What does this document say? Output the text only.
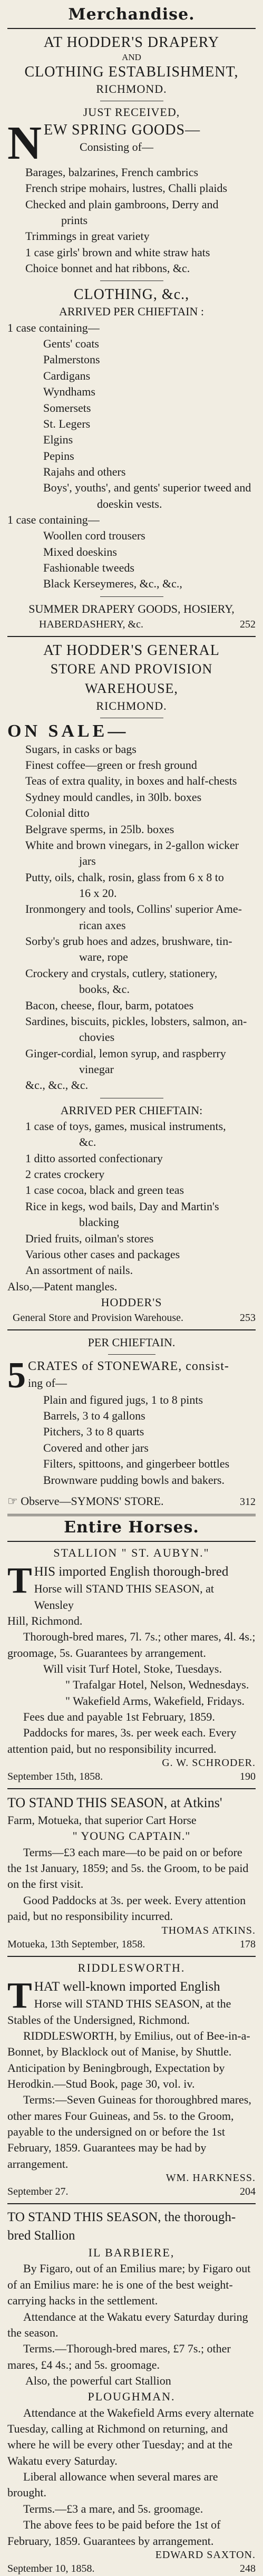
Merchandise.
AT HODDER'S DRAPERY
AND
CLOTHING ESTABLISHMENT,
RICHMOND.
JUST RECEIVED,
N EW SPRING GOODS—
Consisting of—
Barages, balzarines, French cambrics
French stripe mohairs, lustres, Challi plaids
Checked and plain gambroons, Derry and
prints
Trimmings in great variety
1 case girls' brown and white straw hats
Choice bonnet and hat ribbons, &c.
CLOTHING, &c.,
ARRIVED PER CHIEFTAIN :
1 case containing—
Gents' coats
Palmerstons
Cardigans
Wyndhams
Somersets
St. Legers
Elgins
Pepins
Rajahs and others
Boys', youths', and gents' superior tweed and
doeskin vests.
1 case containing—
Woollen cord trousers
Mixed doeskins
Fashionable tweeds
Black Kerseymeres, &c., &c.,
SUMMER DRAPERY GOODS, HOSIERY,
HABERDASHERY, &c.	252
AT HODDER'S GENERAL
STORE AND PROVISION WAREHOUSE,
RICHMOND.
ON SALE—
Sugars, in casks or bags
Finest coffee—green or fresh ground
Teas of extra quality, in boxes and half-chests
Sydney mould candles, in 30lb. boxes
Colonial ditto
Belgrave sperms, in 25lb. boxes
White and brown vinegars, in 2-gallon wicker
jars
Putty, oils, chalk, rosin, glass from 6 x 8 to
16 x 20.
Ironmongery and tools, Collins' superior Ame-
rican axes
Sorby's grub hoes and adzes, brushware, tin-
ware, rope
Crockery and crystals, cutlery, stationery,
books, &c.
Bacon, cheese, flour, barm, potatoes
Sardines, biscuits, pickles, lobsters, salmon, an-
chovies
Ginger-cordial, lemon syrup, and raspberry
vinegar
&c., &c., &c.
ARRIVED PER CHIEFTAIN:
1 case of toys, games, musical instruments,
&c.
1 ditto assorted confectionary
2 crates crockery
1 case cocoa, black and green teas
Rice in kegs, wod bails, Day and Martin's
blacking
Dried fruits, oilman's stores
Various other cases and packages
An assortment of nails.
Also,—Patent mangles.
HODDER'S
General Store and Provision Warehouse.	253
PER CHIEFTAIN.
5 CRATES of STONEWARE, consist-
ing of—
Plain and figured jugs, 1 to 8 pints
Barrels, 3 to 4 gallons
Pitchers, 3 to 8 quarts
Covered and other jars
Filters, spittoons, and gingerbeer bottles
Brownware pudding bowls and bakers.
☞ Observe—SYMONS' STORE.	312
Entire Horses.
STALLION " ST. AUBYN."
T HIS imported English thorough-bred
Horse will STAND THIS SEASON, at Wensley
Hill, Richmond.

Thorough-bred mares, 7l. 7s.; other mares, 4l. 4s.; groomage, 5s. Guarantees by arrangement.

Will visit Turf Hotel, Stoke, Tuesdays.
" Trafalgar Hotel, Nelson, Wednesdays.
" Wakefield Arms, Wakefield, Fridays.

Fees due and payable 1st February, 1859.

Paddocks for mares, 3s. per week each. Every attention paid, but no responsibility incurred.

G. W. SCHRODER.
September 15th, 1858.	190
TO STAND THIS SEASON, at Atkins'
Farm, Motueka, that superior Cart Horse
" YOUNG CAPTAIN."

Terms—£3 each mare—to be paid on or before the 1st January, 1859; and 5s. the Groom, to be paid on the first visit.

Good Paddocks at 3s. per week. Every attention paid, but no responsibility incurred.

THOMAS ATKINS.
Motueka, 13th September, 1858.	178
RIDDLESWORTH.
T HAT well-known imported English
Horse will STAND THIS SEASON, at the
Stables of the Undersigned, Richmond.

RIDDLESWORTH, by Emilius, out of Bee-in-a-Bonnet, by Blacklock out of Manise, by Shuttle. Anticipation by Beningbrough, Expectation by Herodkin.—Stud Book, page 30, vol. iv.

Terms:—Seven Guineas for thoroughbred mares, other mares Four Guineas, and 5s. to the Groom, payable to the undersigned on or before the 1st February, 1859. Guarantees may be had by arrangement.

WM. HARKNESS.
September 27.	204
TO STAND THIS SEASON, the thorough-bred Stallion
IL BARBIERE,

By Figaro, out of an Emilius mare; by Figaro out of an Emilius mare: he is one of the best weight-carrying hacks in the settlement.

Attendance at the Wakatu every Saturday during the season.

Terms.—Thorough-bred mares, £7 7s.; other mares, £4 4s.; and 5s. groomage.

Also, the powerful cart Stallion
PLOUGHMAN.

Attendance at the Wakefield Arms every alternate Tuesday, calling at Richmond on returning, and where he will be every other Tuesday; and at the Wakatu every Saturday.

Liberal allowance when several mares are brought.

Terms.—£3 a mare, and 5s. groomage.

The above fees to be paid before the 1st of February, 1859. Guarantees by arrangement.

EDWARD SAXTON.
September 10, 1858.	248
